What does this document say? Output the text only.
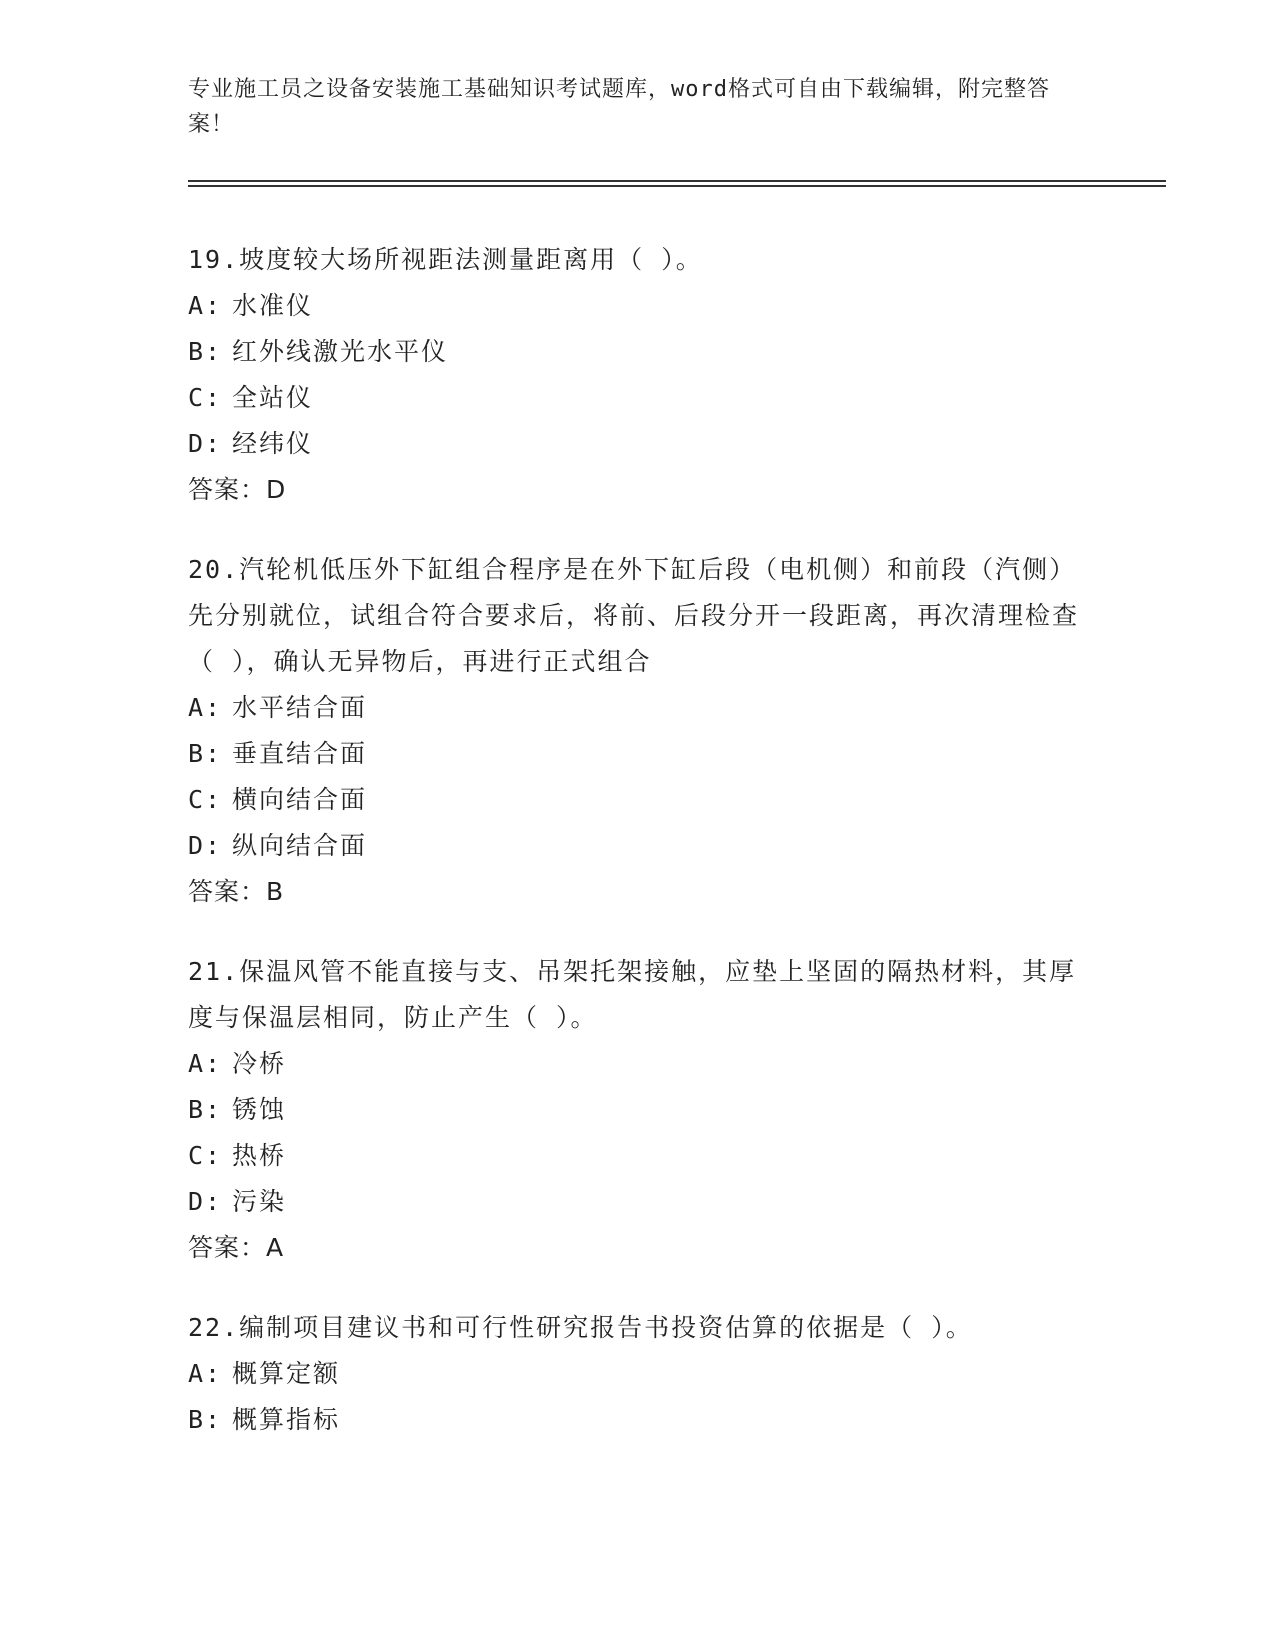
专业施工员之设备安装施工基础知识考试题库，word格式可自由下载编辑，附完整答案！

19.坡度较大场所视距法测量距离用（ ）。

A: 水准仪

B: 红外线激光水平仪

C: 全站仪

D: 经纬仪

答案：D

20.汽轮机低压外下缸组合程序是在外下缸后段（电机侧）和前段（汽侧）先分别就位，试组合符合要求后，将前、后段分开一段距离，再次清理检查（ ），确认无异物后，再进行正式组合

A: 水平结合面

B: 垂直结合面

C: 横向结合面

D: 纵向结合面

答案：B

21.保温风管不能直接与支、吊架托架接触，应垫上坚固的隔热材料，其厚度与保温层相同，防止产生（ ）。

A: 冷桥

B: 锈蚀

C: 热桥

D: 污染

答案：A

22.编制项目建议书和可行性研究报告书投资估算的依据是（ ）。

A: 概算定额

B: 概算指标
